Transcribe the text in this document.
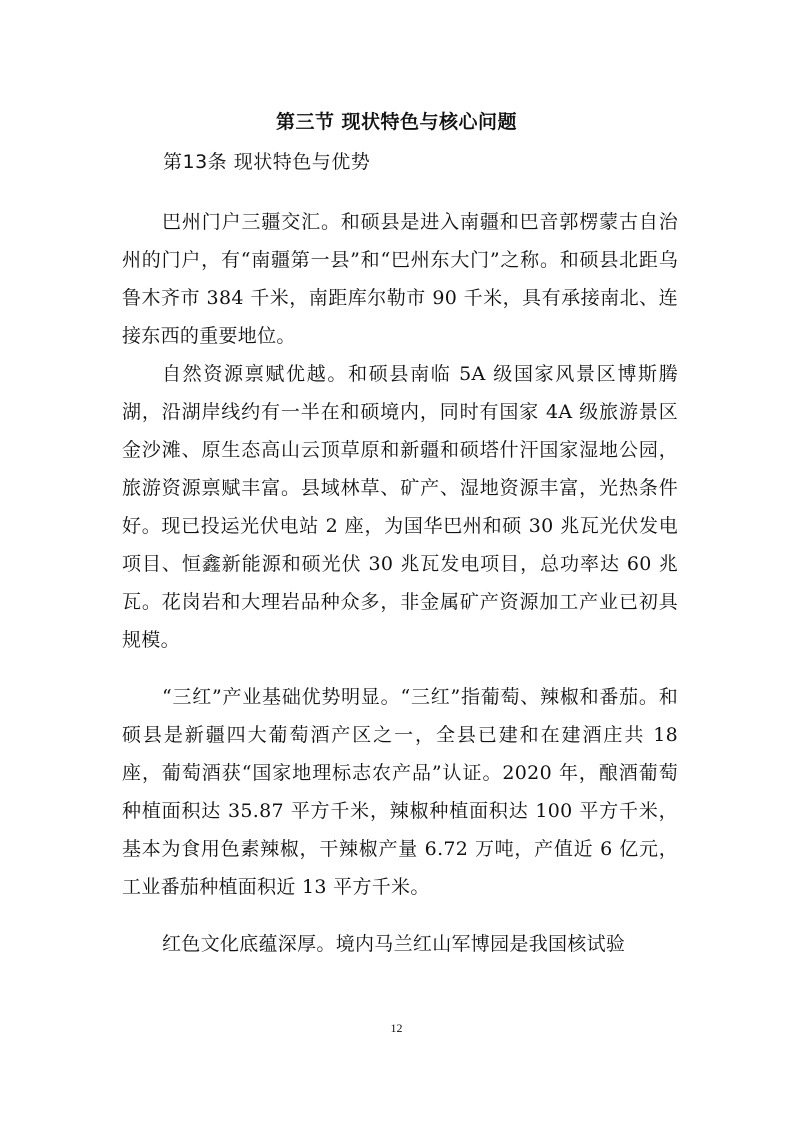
第三节 现状特色与核心问题
第13条 现状特色与优势

巴州门户三疆交汇。和硕县是进入南疆和巴音郭楞蒙古自治州的门户，有“南疆第一县”和“巴州东大门”之称。和硕县北距乌鲁木齐市 384 千米，南距库尔勒市 90 千米，具有承接南北、连接东西的重要地位。

自然资源禀赋优越。和硕县南临 5A 级国家风景区博斯腾湖，沿湖岸线约有一半在和硕境内，同时有国家 4A 级旅游景区金沙滩、原生态高山云顶草原和新疆和硕塔什汗国家湿地公园，旅游资源禀赋丰富。县域林草、矿产、湿地资源丰富，光热条件好。现已投运光伏电站 2 座，为国华巴州和硕 30 兆瓦光伏发电项目、恒鑫新能源和硕光伏 30 兆瓦发电项目，总功率达 60 兆瓦。花岗岩和大理岩品种众多，非金属矿产资源加工产业已初具规模。

“三红”产业基础优势明显。“三红”指葡萄、辣椒和番茄。和硕县是新疆四大葡萄酒产区之一，全县已建和在建酒庄共 18 座，葡萄酒获“国家地理标志农产品”认证。2020 年，酿酒葡萄种植面积达 35.87 平方千米，辣椒种植面积达 100 平方千米，基本为食用色素辣椒，干辣椒产量 6.72 万吨，产值近 6 亿元，工业番茄种植面积近 13 平方千米。

红色文化底蕴深厚。境内马兰红山军博园是我国核试验

12
